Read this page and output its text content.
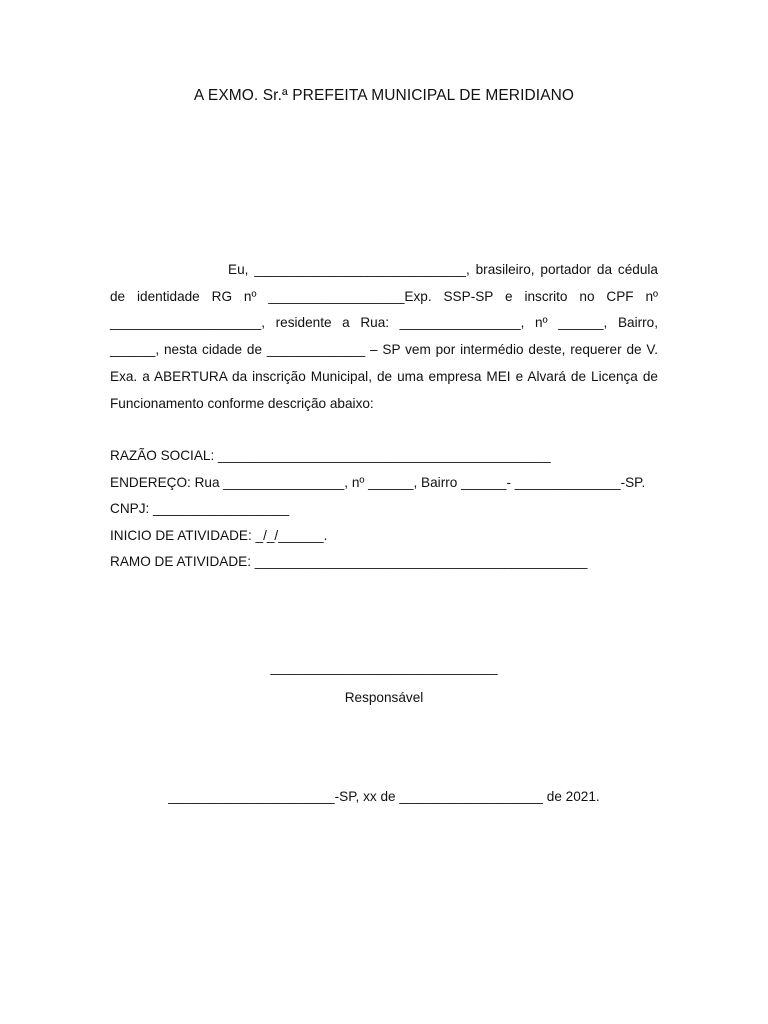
A EXMO. Sr.ª PREFEITA MUNICIPAL DE MERIDIANO
Eu, ____________________________, brasileiro, portador da cédula de identidade RG nº __________________Exp. SSP-SP e inscrito no CPF nº ____________________, residente a Rua: ________________, nº ______, Bairro, ______, nesta cidade de _____________ – SP vem por intermédio deste, requerer de V. Exa. a ABERTURA da inscrição Municipal, de uma empresa MEI e Alvará de Licença de Funcionamento conforme descrição abaixo:
RAZÃO SOCIAL: ____________________________________________
ENDEREÇO: Rua ________________, nº ______, Bairro ______- ______________-SP.
CNPJ: __________________
INICIO DE ATIVIDADE: _/_/______.
RAMO DE ATIVIDADE: ____________________________________________
______________________________
Responsável
______________________-SP, xx de ___________________ de 2021.
